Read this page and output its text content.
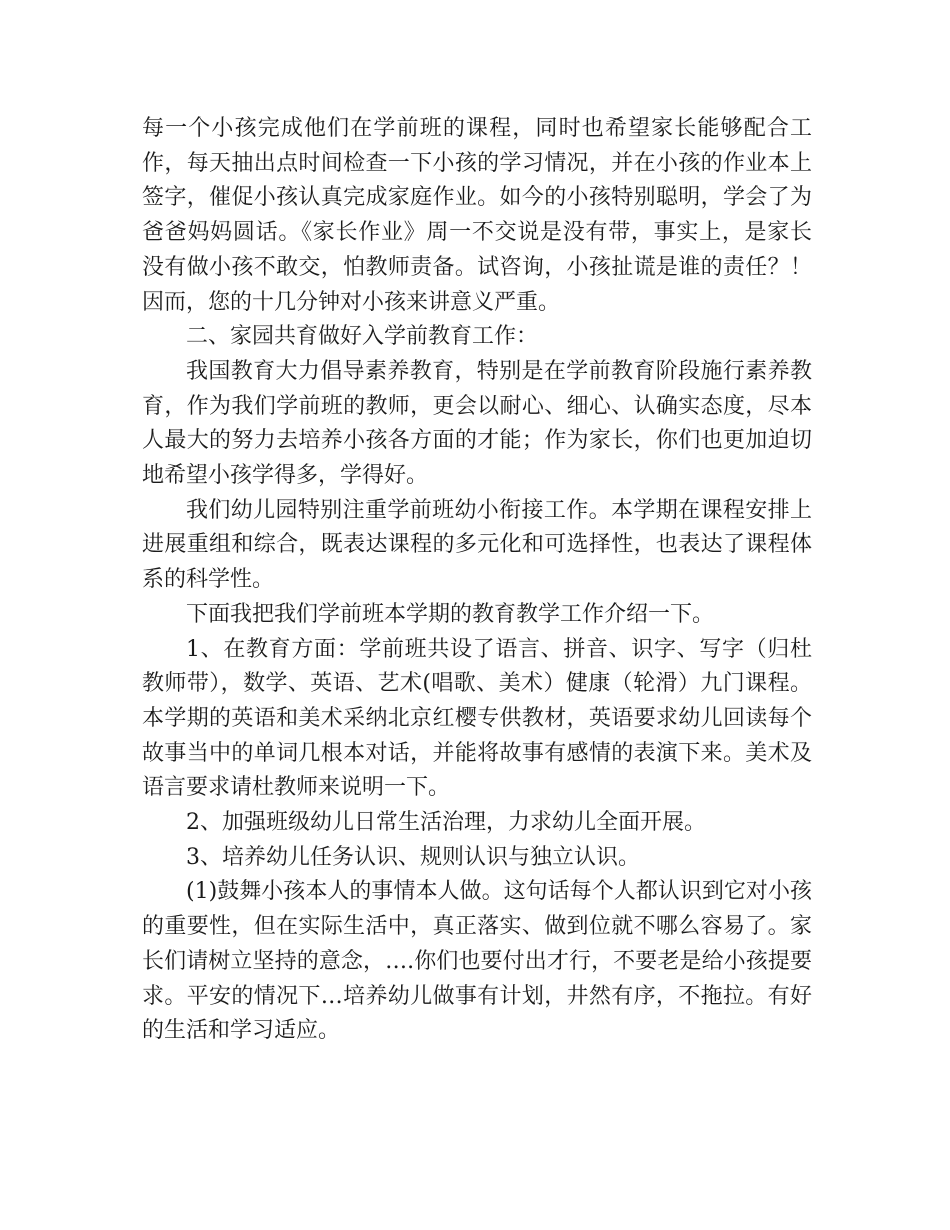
每一个小孩完成他们在学前班的课程，同时也希望家长能够配合工作，每天抽出点时间检查一下小孩的学习情况，并在小孩的作业本上签字，催促小孩认真完成家庭作业。如今的小孩特别聪明，学会了为爸爸妈妈圆话。《家长作业》周一不交说是没有带，事实上，是家长没有做小孩不敢交，怕教师责备。试咨询，小孩扯谎是谁的责任？！因而，您的十几分钟对小孩来讲意义严重。

二、家园共育做好入学前教育工作：

我国教育大力倡导素养教育，特别是在学前教育阶段施行素养教育，作为我们学前班的教师，更会以耐心、细心、认确实态度，尽本人最大的努力去培养小孩各方面的才能；作为家长，你们也更加迫切地希望小孩学得多，学得好。

我们幼儿园特别注重学前班幼小衔接工作。本学期在课程安排上进展重组和综合，既表达课程的多元化和可选择性，也表达了课程体系的科学性。

下面我把我们学前班本学期的教育教学工作介绍一下。

1、在教育方面：学前班共设了语言、拼音、识字、写字（归杜教师带），数学、英语、艺术(唱歌、美术）健康（轮滑）九门课程。本学期的英语和美术采纳北京红樱专供教材，英语要求幼儿回读每个故事当中的单词几根本对话，并能将故事有感情的表演下来。美术及语言要求请杜教师来说明一下。

2、加强班级幼儿日常生活治理，力求幼儿全面开展。

3、培养幼儿任务认识、规则认识与独立认识。

(1)鼓舞小孩本人的事情本人做。这句话每个人都认识到它对小孩的重要性，但在实际生活中，真正落实、做到位就不哪么容易了。家长们请树立坚持的意念，….你们也要付出才行，不要老是给小孩提要求。平安的情况下…培养幼儿做事有计划，井然有序，不拖拉。有好的生活和学习适应。
